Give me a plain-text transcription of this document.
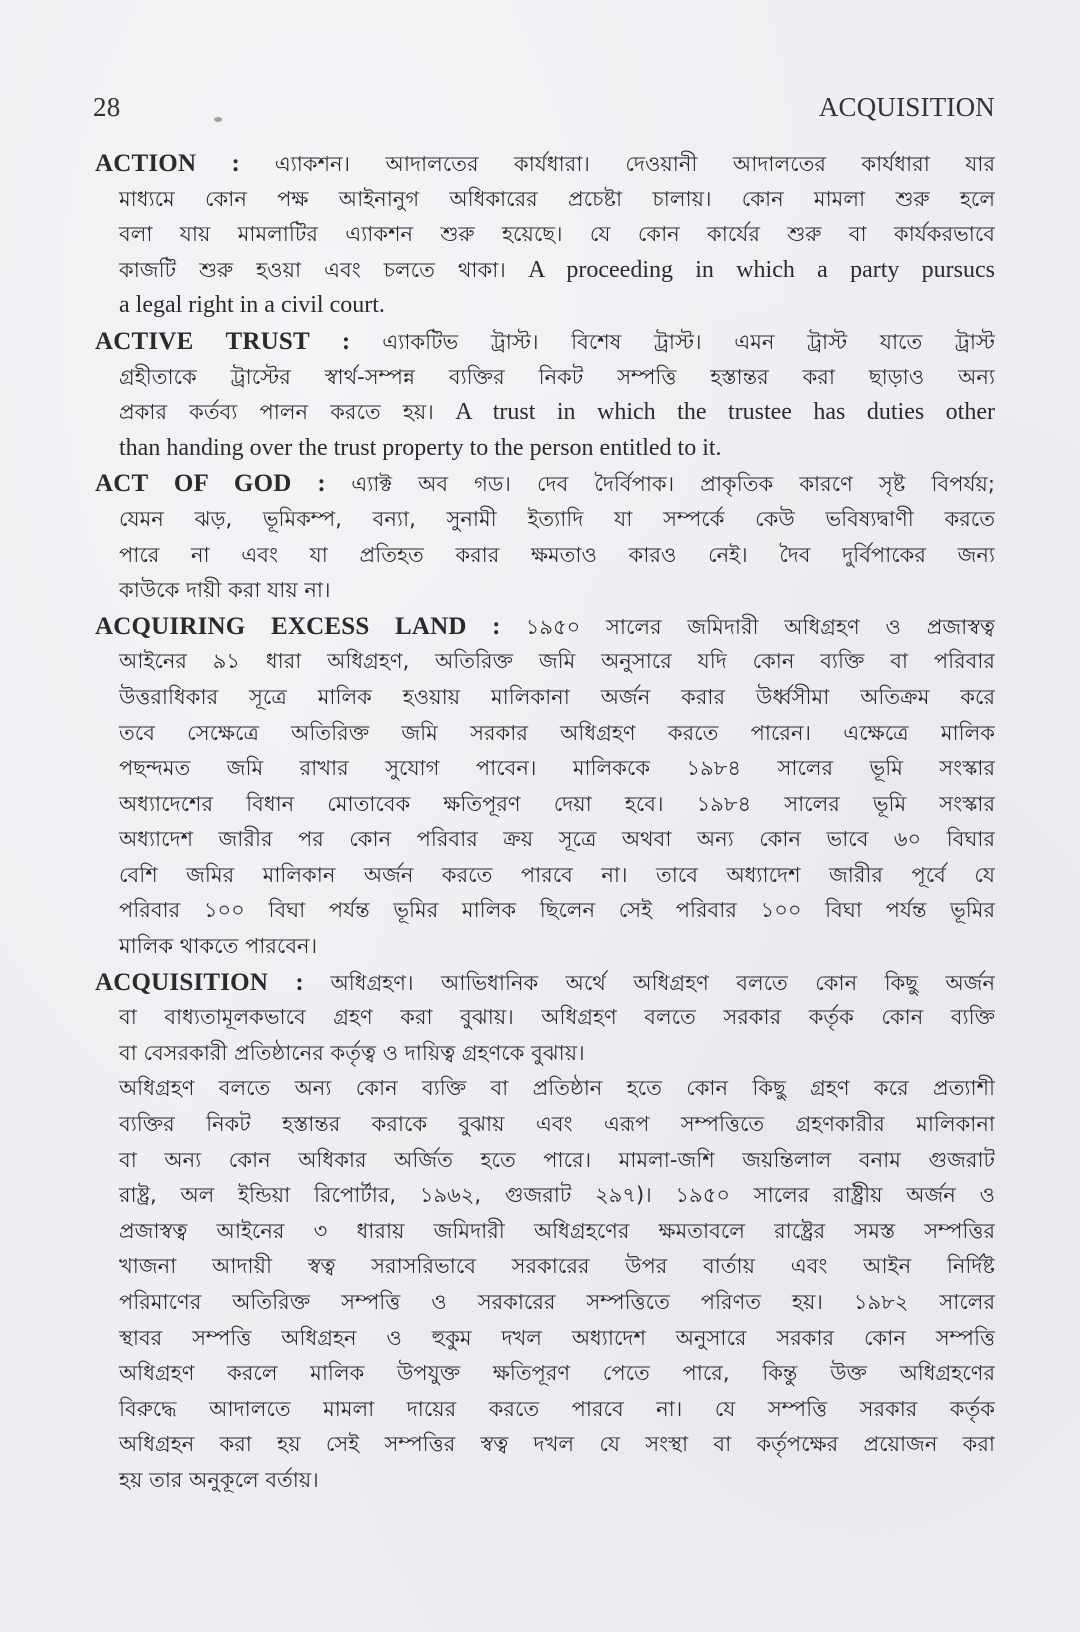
28	ACQUISITION
ACTION : এ্যাকশন। আদালতের কার্যধারা। দেওয়ানী আদালতের কার্যধারা যার
মাধ্যমে কোন পক্ষ আইনানুগ অধিকারের প্রচেষ্টা চালায়। কোন মামলা শুরু হলে
বলা যায় মামলাটির এ্যাকশন শুরু হয়েছে। যে কোন কার্যের শুরু বা কার্যকরভাবে
কাজটি শুরু হওয়া এবং চলতে থাকা। A proceeding in which a party pursucs
a legal right in a civil court.
ACTIVE TRUST : এ্যাকটিভ ট্রাস্ট। বিশেষ ট্রাস্ট। এমন ট্রাস্ট যাতে ট্রাস্ট
গ্রহীতাকে ট্রাস্টের স্বার্থ-সম্পন্ন ব্যক্তির নিকট সম্পত্তি হস্তান্তর করা ছাড়াও অন্য
প্রকার কর্তব্য পালন করতে হয়। A trust in which the trustee has duties other
than handing over the trust property to the person entitled to it.
ACT OF GOD : এ্যাক্ট অব গড। দেব দৈর্বিপাক। প্রাকৃতিক কারণে সৃষ্ট বিপর্যয়;
যেমন ঝড়, ভূমিকম্প, বন্যা, সুনামী ইত্যাদি যা সম্পর্কে কেউ ভবিষ্যদ্বাণী করতে
পারে না এবং যা প্রতিহত করার ক্ষমতাও কারও নেই। দৈব দুর্বিপাকের জন্য
কাউকে দায়ী করা যায় না।
ACQUIRING EXCESS LAND : ১৯৫০ সালের জমিদারী অধিগ্রহণ ও প্রজাস্বত্ব
আইনের ৯১ ধারা অধিগ্রহণ, অতিরিক্ত জমি অনুসারে যদি কোন ব্যক্তি বা পরিবার
উত্তরাধিকার সূত্রে মালিক হওয়ায় মালিকানা অর্জন করার উর্ধ্বসীমা অতিক্রম করে
তবে সেক্ষেত্রে অতিরিক্ত জমি সরকার অধিগ্রহণ করতে পারেন। এক্ষেত্রে মালিক
পছন্দমত জমি রাখার সুযোগ পাবেন। মালিককে ১৯৮৪ সালের ভূমি সংস্কার
অধ্যাদেশের বিধান মোতাবেক ক্ষতিপূরণ দেয়া হবে। ১৯৮৪ সালের ভূমি সংস্কার
অধ্যাদেশ জারীর পর কোন পরিবার ক্রয় সূত্রে অথবা অন্য কোন ভাবে ৬০ বিঘার
বেশি জমির মালিকান অর্জন করতে পারবে না। তাবে অধ্যাদেশ জারীর পূর্বে যে
পরিবার ১০০ বিঘা পর্যন্ত ভূমির মালিক ছিলেন সেই পরিবার ১০০ বিঘা পর্যন্ত ভূমির
মালিক থাকতে পারবেন।
ACQUISITION : অধিগ্রহণ। আভিধানিক অর্থে অধিগ্রহণ বলতে কোন কিছু অর্জন
বা বাধ্যতামূলকভাবে গ্রহণ করা বুঝায়। অধিগ্রহণ বলতে সরকার কর্তৃক কোন ব্যক্তি
বা বেসরকারী প্রতিষ্ঠানের কর্তৃত্ব ও দায়িত্ব গ্রহণকে বুঝায়।
অধিগ্রহণ বলতে অন্য কোন ব্যক্তি বা প্রতিষ্ঠান হতে কোন কিছু গ্রহণ করে প্রত্যাশী
ব্যক্তির নিকট হস্তান্তর করাকে বুঝায় এবং এরূপ সম্পত্তিতে গ্রহণকারীর মালিকানা
বা অন্য কোন অধিকার অর্জিত হতে পারে। মামলা-জশি জয়ন্তিলাল বনাম গুজরাট
রাষ্ট্র, অল ইন্ডিয়া রিপোর্টার, ১৯৬২, গুজরাট ২৯৭)। ১৯৫০ সালের রাষ্ট্রীয় অর্জন ও
প্রজাস্বত্ব আইনের ৩ ধারায় জমিদারী অধিগ্রহণের ক্ষমতাবলে রাষ্ট্রের সমস্ত সম্পত্তির
খাজনা আদায়ী স্বত্ব সরাসরিভাবে সরকারের উপর বার্তায় এবং আইন নির্দিষ্ট
পরিমাণের অতিরিক্ত সম্পত্তি ও সরকারের সম্পত্তিতে পরিণত হয়। ১৯৮২ সালের
স্থাবর সম্পত্তি অধিগ্রহন ও হুকুম দখল অধ্যাদেশ অনুসারে সরকার কোন সম্পত্তি
অধিগ্রহণ করলে মালিক উপযুক্ত ক্ষতিপূরণ পেতে পারে, কিন্তু উক্ত অধিগ্রহণের
বিরুদ্ধে আদালতে মামলা দায়ের করতে পারবে না। যে সম্পত্তি সরকার কর্তৃক
অধিগ্রহন করা হয় সেই সম্পত্তির স্বত্ব দখল যে সংস্থা বা কর্তৃপক্ষের প্রয়োজন করা
হয় তার অনুকূলে বর্তায়।
